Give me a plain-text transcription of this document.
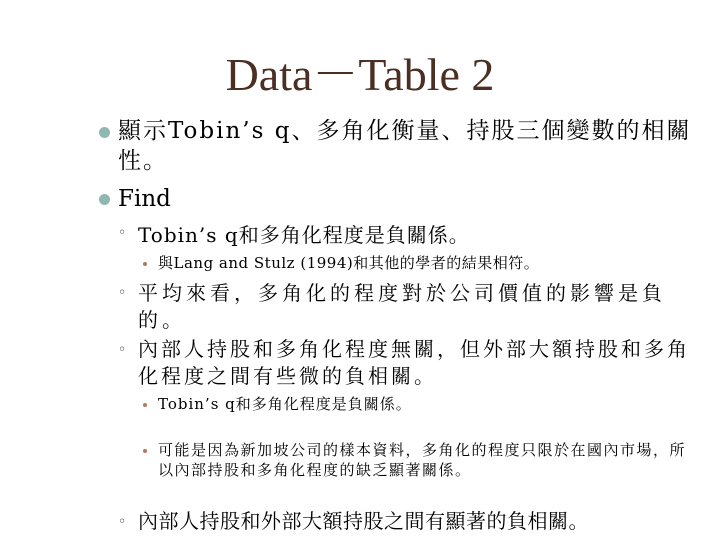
Data－Table 2
顯示Tobin’s q、多角化衡量、持股三個變數的相關性。
Find
◦ Tobin’s q和多角化程度是負關係。
與Lang and Stulz (1994)和其他的學者的結果相符。
◦ 平均來看，多角化的程度對於公司價值的影響是負的。
◦ 內部人持股和多角化程度無關，但外部大額持股和多角化程度之間有些微的負相關。
Tobin’s q和多角化程度是負關係。
可能是因為新加坡公司的樣本資料，多角化的程度只限於在國內市場，所以內部持股和多角化程度的缺乏顯著關係。
◦ 內部人持股和外部大額持股之間有顯著的負相關。
